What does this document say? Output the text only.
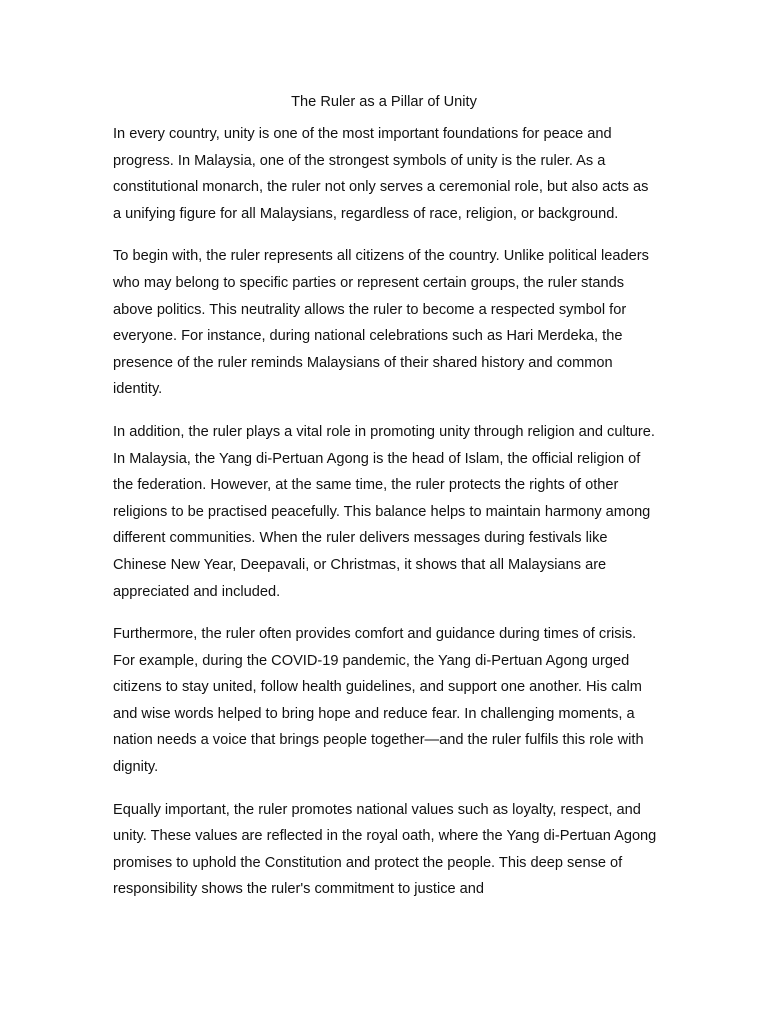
The Ruler as a Pillar of Unity

In every country, unity is one of the most important foundations for peace and progress. In Malaysia, one of the strongest symbols of unity is the ruler. As a constitutional monarch, the ruler not only serves a ceremonial role, but also acts as a unifying figure for all Malaysians, regardless of race, religion, or background.

To begin with, the ruler represents all citizens of the country. Unlike political leaders who may belong to specific parties or represent certain groups, the ruler stands above politics. This neutrality allows the ruler to become a respected symbol for everyone. For instance, during national celebrations such as Hari Merdeka, the presence of the ruler reminds Malaysians of their shared history and common identity.

In addition, the ruler plays a vital role in promoting unity through religion and culture. In Malaysia, the Yang di-Pertuan Agong is the head of Islam, the official religion of the federation. However, at the same time, the ruler protects the rights of other religions to be practised peacefully. This balance helps to maintain harmony among different communities. When the ruler delivers messages during festivals like Chinese New Year, Deepavali, or Christmas, it shows that all Malaysians are appreciated and included.

Furthermore, the ruler often provides comfort and guidance during times of crisis. For example, during the COVID-19 pandemic, the Yang di-Pertuan Agong urged citizens to stay united, follow health guidelines, and support one another. His calm and wise words helped to bring hope and reduce fear. In challenging moments, a nation needs a voice that brings people together—and the ruler fulfils this role with dignity.

Equally important, the ruler promotes national values such as loyalty, respect, and unity. These values are reflected in the royal oath, where the Yang di-Pertuan Agong promises to uphold the Constitution and protect the people. This deep sense of responsibility shows the ruler's commitment to justice and
